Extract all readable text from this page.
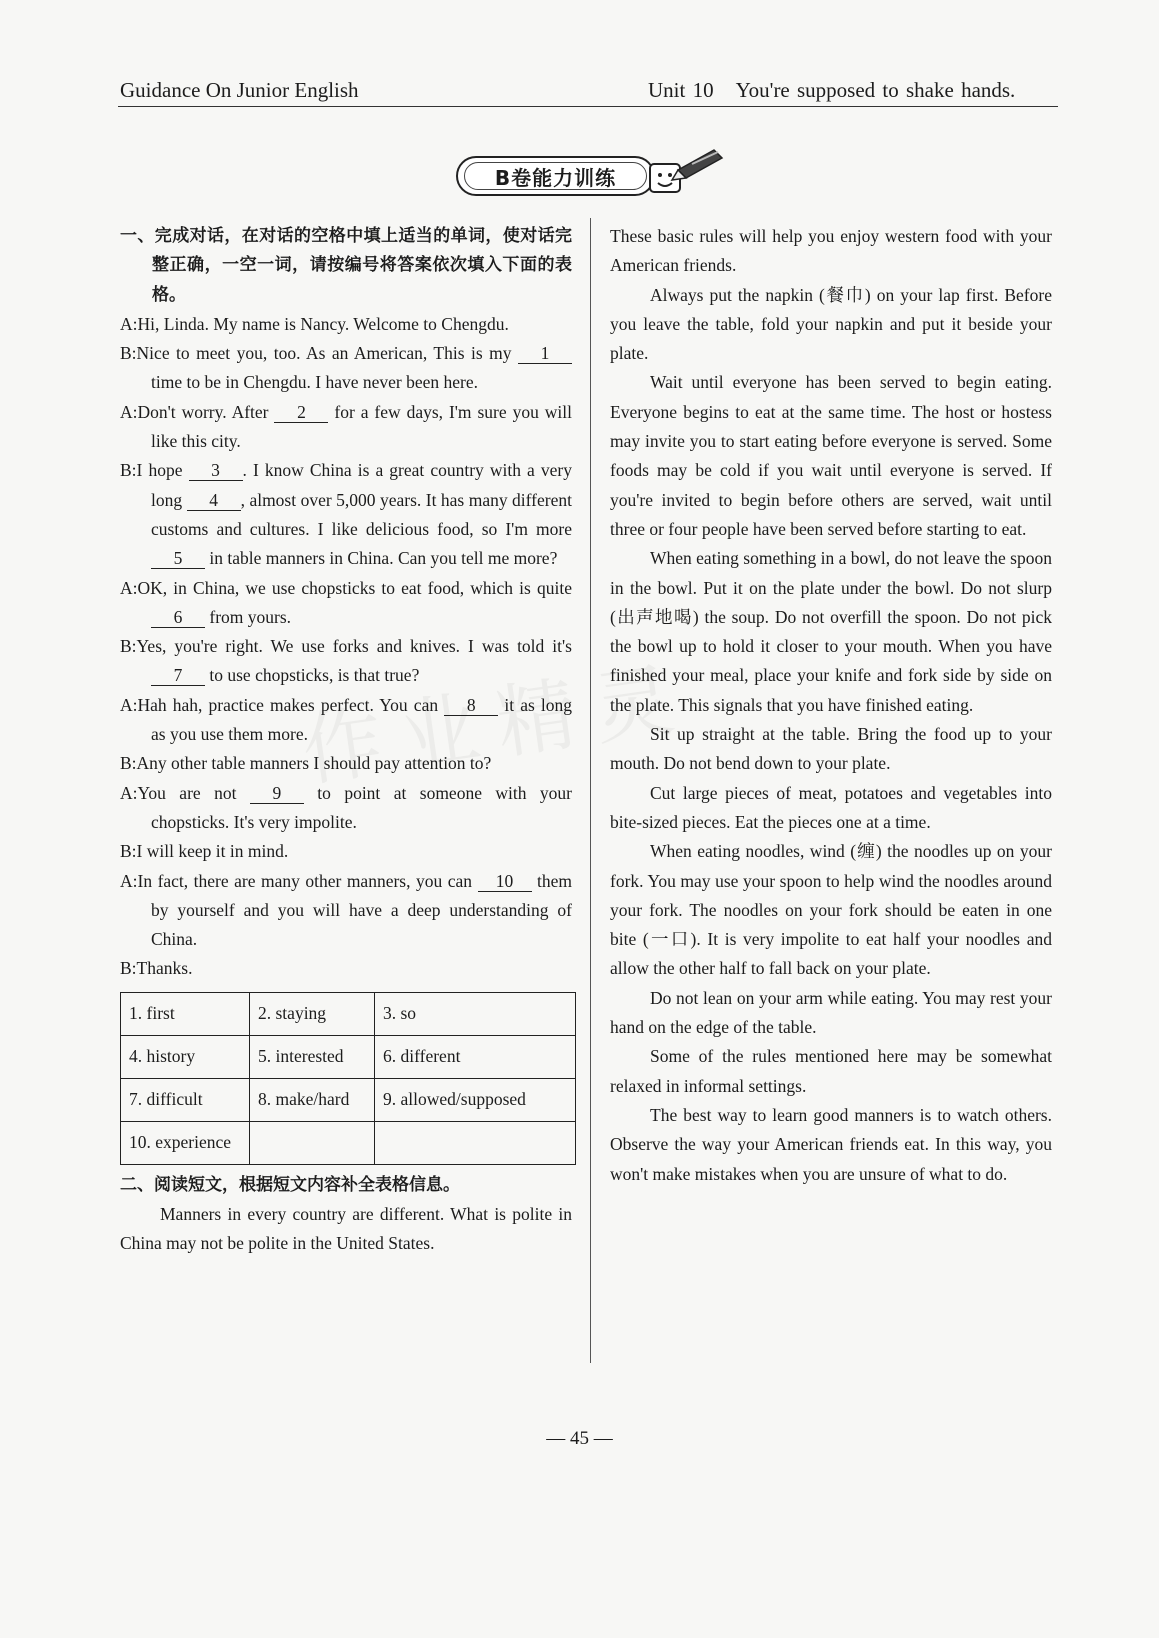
Guidance On Junior English	Unit 10 You're supposed to shake hands.
B卷能力训练
一、完成对话，在对话的空格中填上适当的单词，使对话完整正确，一空一词，请按编号将答案依次填入下面的表格。

A:Hi, Linda. My name is Nancy. Welcome to Chengdu.

B:Nice to meet you, too. As an American, This is my 1 time to be in Chengdu. I have never been here.

A:Don't worry. After 2 for a few days, I'm sure you will like this city.

B:I hope 3 . I know China is a great country with a very long 4 , almost over 5,000 years. It has many different customs and cultures. I like delicious food, so I'm more 5 in table manners in China. Can you tell me more?

A:OK, in China, we use chopsticks to eat food, which is quite 6 from yours.

B:Yes, you're right. We use forks and knives. I was told it's 7 to use chopsticks, is that true?

A:Hah hah, practice makes perfect. You can 8 it as long as you use them more.

B:Any other table manners I should pay attention to?

A:You are not 9 to point at someone with your chopsticks. It's very impolite.

B:I will keep it in mind.

A:In fact, there are many other manners, you can 10 them by yourself and you will have a deep understanding of China.

B:Thanks.

1. first	2. staying	3. so
4. history	5. interested	6. different
7. difficult	8. make/hard	9. allowed/supposed
10. experience		
二、阅读短文，根据短文内容补全表格信息。

Manners in every country are different. What is polite in China may not be polite in the United States.

These basic rules will help you enjoy western food with your American friends.

Always put the napkin (餐巾) on your lap first. Before you leave the table, fold your napkin and put it beside your plate.

Wait until everyone has been served to begin eating. Everyone begins to eat at the same time. The host or hostess may invite you to start eating before everyone is served. Some foods may be cold if you wait until everyone is served. If you're invited to begin before others are served, wait until three or four people have been served before starting to eat.

When eating something in a bowl, do not leave the spoon in the bowl. Put it on the plate under the bowl. Do not slurp (出声地喝) the soup. Do not overfill the spoon. Do not pick the bowl up to hold it closer to your mouth. When you have finished your meal, place your knife and fork side by side on the plate. This signals that you have finished eating.

Sit up straight at the table. Bring the food up to your mouth. Do not bend down to your plate.

Cut large pieces of meat, potatoes and vegetables into bite-sized pieces. Eat the pieces one at a time.

When eating noodles, wind (缠) the noodles up on your fork. You may use your spoon to help wind the noodles around your fork. The noodles on your fork should be eaten in one bite (一口). It is very impolite to eat half your noodles and allow the other half to fall back on your plate.

Do not lean on your arm while eating. You may rest your hand on the edge of the table.

Some of the rules mentioned here may be somewhat relaxed in informal settings.

The best way to learn good manners is to watch others. Observe the way your American friends eat. In this way, you won't make mistakes when you are unsure of what to do.

— 45 —
